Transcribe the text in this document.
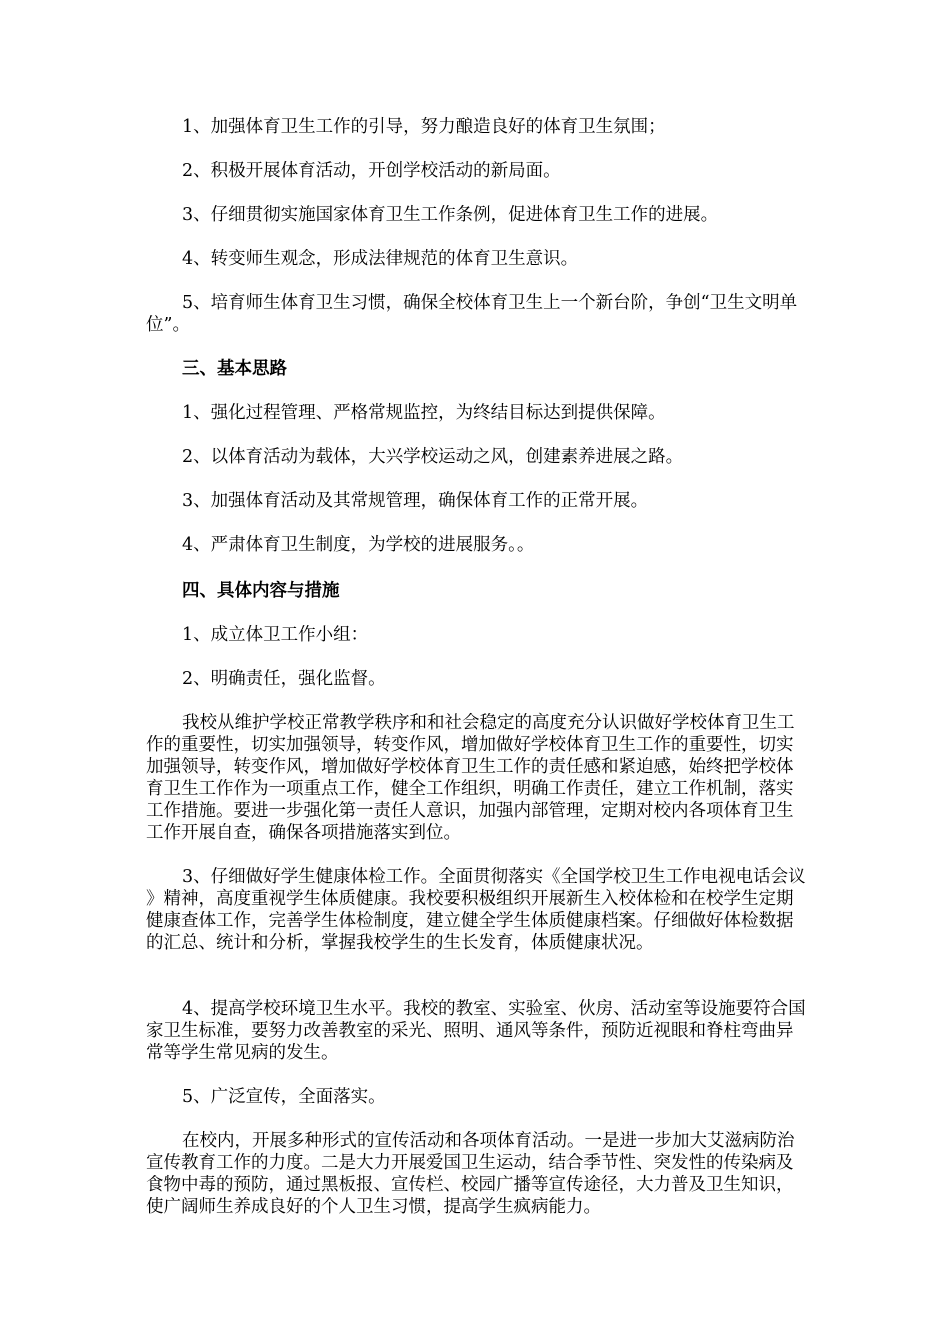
1、加强体育卫生工作的引导，努力酿造良好的体育卫生氛围；

2、积极开展体育活动，开创学校活动的新局面。

3、仔细贯彻实施国家体育卫生工作条例，促进体育卫生工作的进展。

4、转变师生观念，形成法律规范的体育卫生意识。

5、培育师生体育卫生习惯，确保全校体育卫生上一个新台阶，争创“卫生文明单位”。

三、基本思路

1、强化过程管理、严格常规监控，为终结目标达到提供保障。

2、以体育活动为载体，大兴学校运动之风，创建素养进展之路。

3、加强体育活动及其常规管理，确保体育工作的正常开展。

4、严肃体育卫生制度，为学校的进展服务。。

四、具体内容与措施

1、成立体卫工作小组：

2、明确责任，强化监督。

我校从维护学校正常教学秩序和和社会稳定的高度充分认识做好学校体育卫生工作的重要性，切实加强领导，转变作风，增加做好学校体育卫生工作的重要性，切实加强领导，转变作风，增加做好学校体育卫生工作的责任感和紧迫感，始终把学校体育卫生工作作为一项重点工作，健全工作组织，明确工作责任，建立工作机制，落实工作措施。要进一步强化第一责任人意识，加强内部管理，定期对校内各项体育卫生工作开展自查，确保各项措施落实到位。

3、仔细做好学生健康体检工作。全面贯彻落实《全国学校卫生工作电视电话会议》精神，高度重视学生体质健康。我校要积极组织开展新生入校体检和在校学生定期健康查体工作，完善学生体检制度，建立健全学生体质健康档案。仔细做好体检数据的汇总、统计和分析，掌握我校学生的生长发育，体质健康状况。

4、提高学校环境卫生水平。我校的教室、实验室、伙房、活动室等设施要符合国家卫生标准，要努力改善教室的采光、照明、通风等条件，预防近视眼和脊柱弯曲异常等学生常见病的发生。

5、广泛宣传，全面落实。

在校内，开展多种形式的宣传活动和各项体育活动。一是进一步加大艾滋病防治宣传教育工作的力度。二是大力开展爱国卫生运动，结合季节性、突发性的传染病及食物中毒的预防，通过黑板报、宣传栏、校园广播等宣传途径，大力普及卫生知识，使广阔师生养成良好的个人卫生习惯，提高学生疯病能力。
